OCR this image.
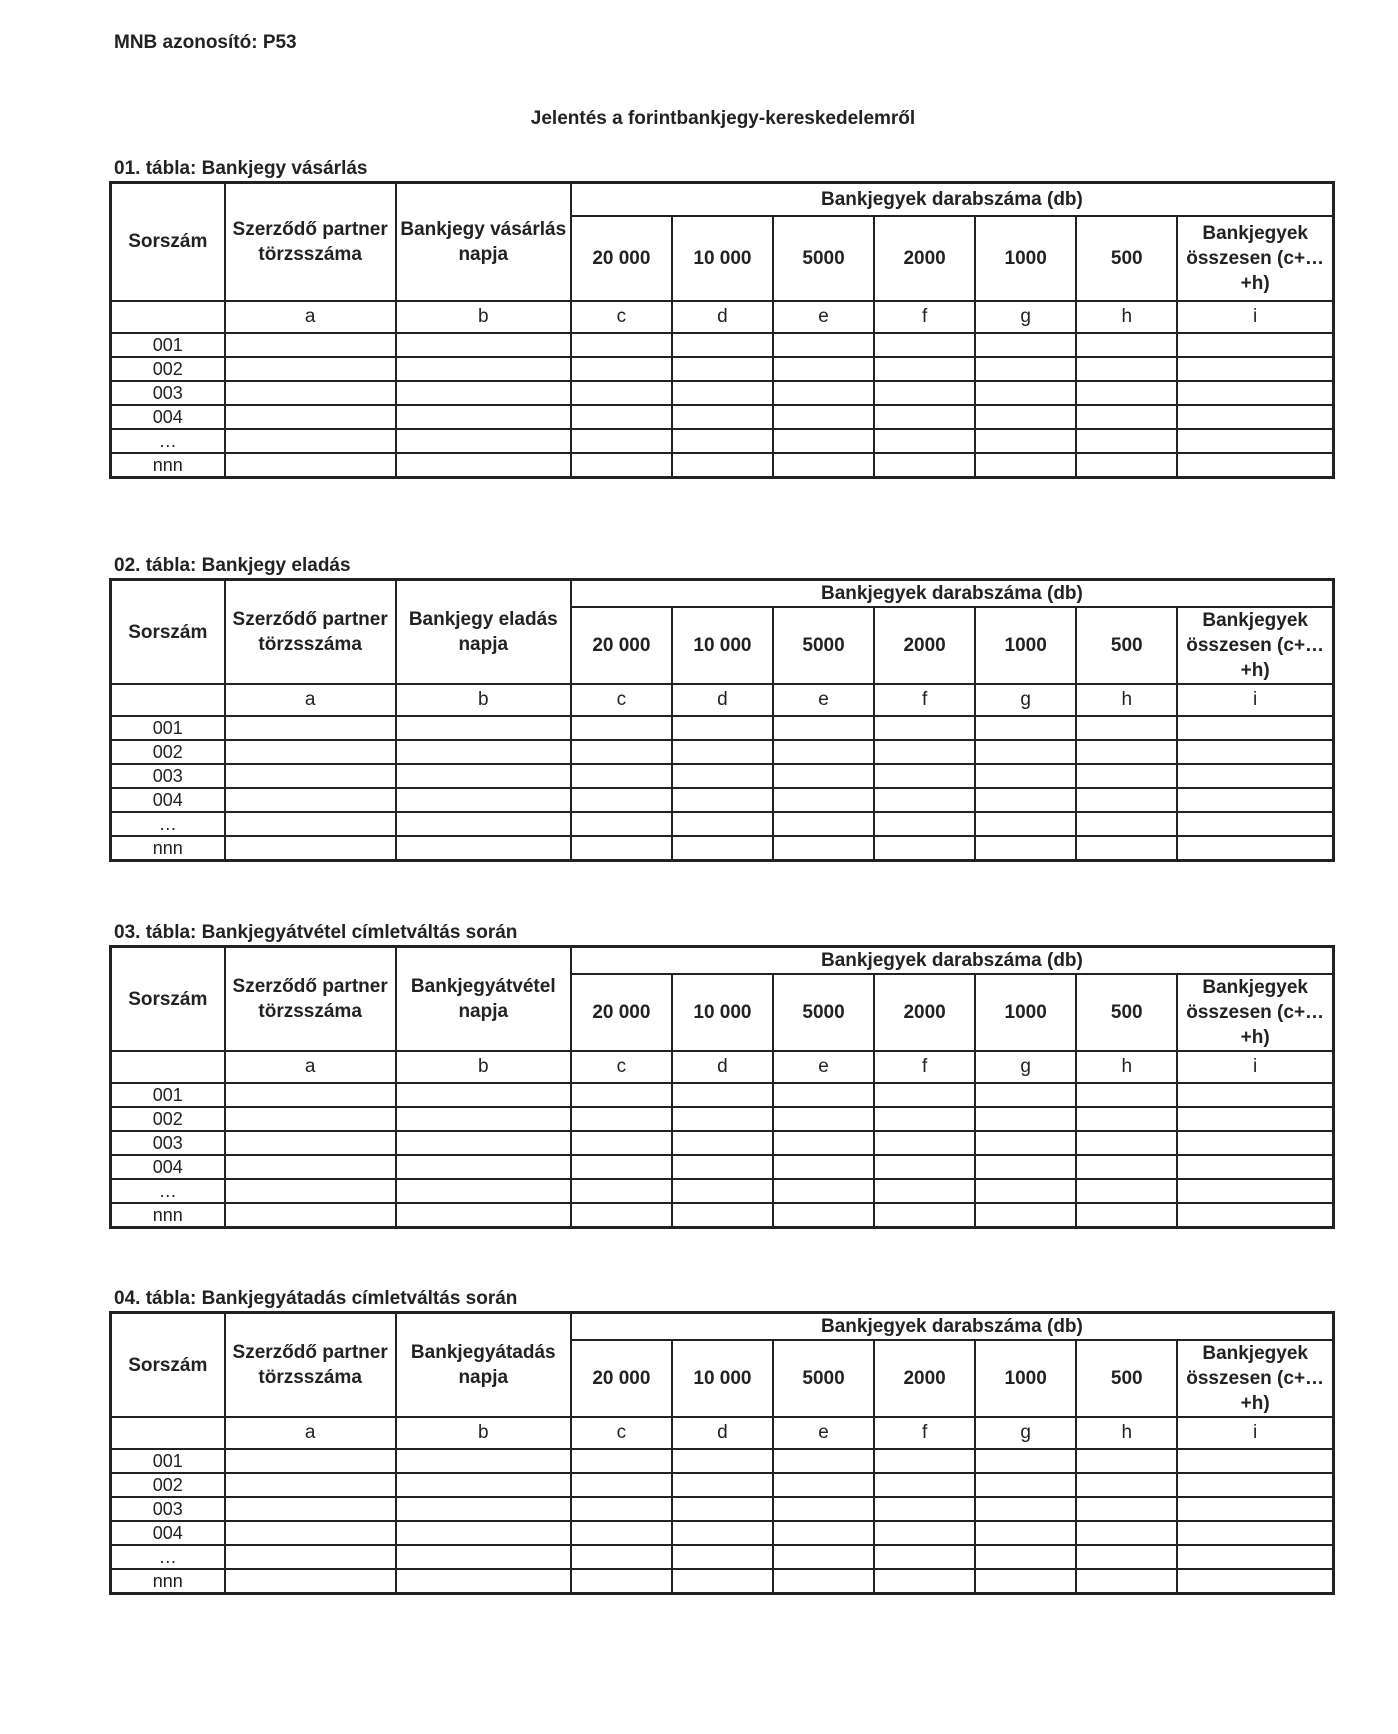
MNB azonosító: P53
Jelentés a forintbankjegy-kereskedelemről
01. tábla: Bankjegy vásárlás
Sorszám	Szerződő partner törzsszáma	Bankjegy vásárlás napja	Bankjegyek darabszáma (db)						
			20 000	10 000	5000	2000	1000	500	Bankjegyek összesen (c+…+h)
	a	b	c	d	e	f	g	h	i
001									
002									
003									
004									
…									
nnn									
02. tábla: Bankjegy eladás
Sorszám	Szerződő partner törzsszáma	Bankjegy eladás napja	Bankjegyek darabszáma (db)						
			20 000	10 000	5000	2000	1000	500	Bankjegyek összesen (c+…+h)
	a	b	c	d	e	f	g	h	i
001									
002									
003									
004									
…									
nnn									
03. tábla: Bankjegyátvétel címletváltás során
Sorszám	Szerződő partner törzsszáma	Bankjegyátvétel napja	Bankjegyek darabszáma (db)						
			20 000	10 000	5000	2000	1000	500	Bankjegyek összesen (c+…+h)
	a	b	c	d	e	f	g	h	i
001									
002									
003									
004									
…									
nnn									
04. tábla: Bankjegyátadás címletváltás során
Sorszám	Szerződő partner törzsszáma	Bankjegyátadás napja	Bankjegyek darabszáma (db)						
			20 000	10 000	5000	2000	1000	500	Bankjegyek összesen (c+…+h)
	a	b	c	d	e	f	g	h	i
001									
002									
003									
004									
…									
nnn									
